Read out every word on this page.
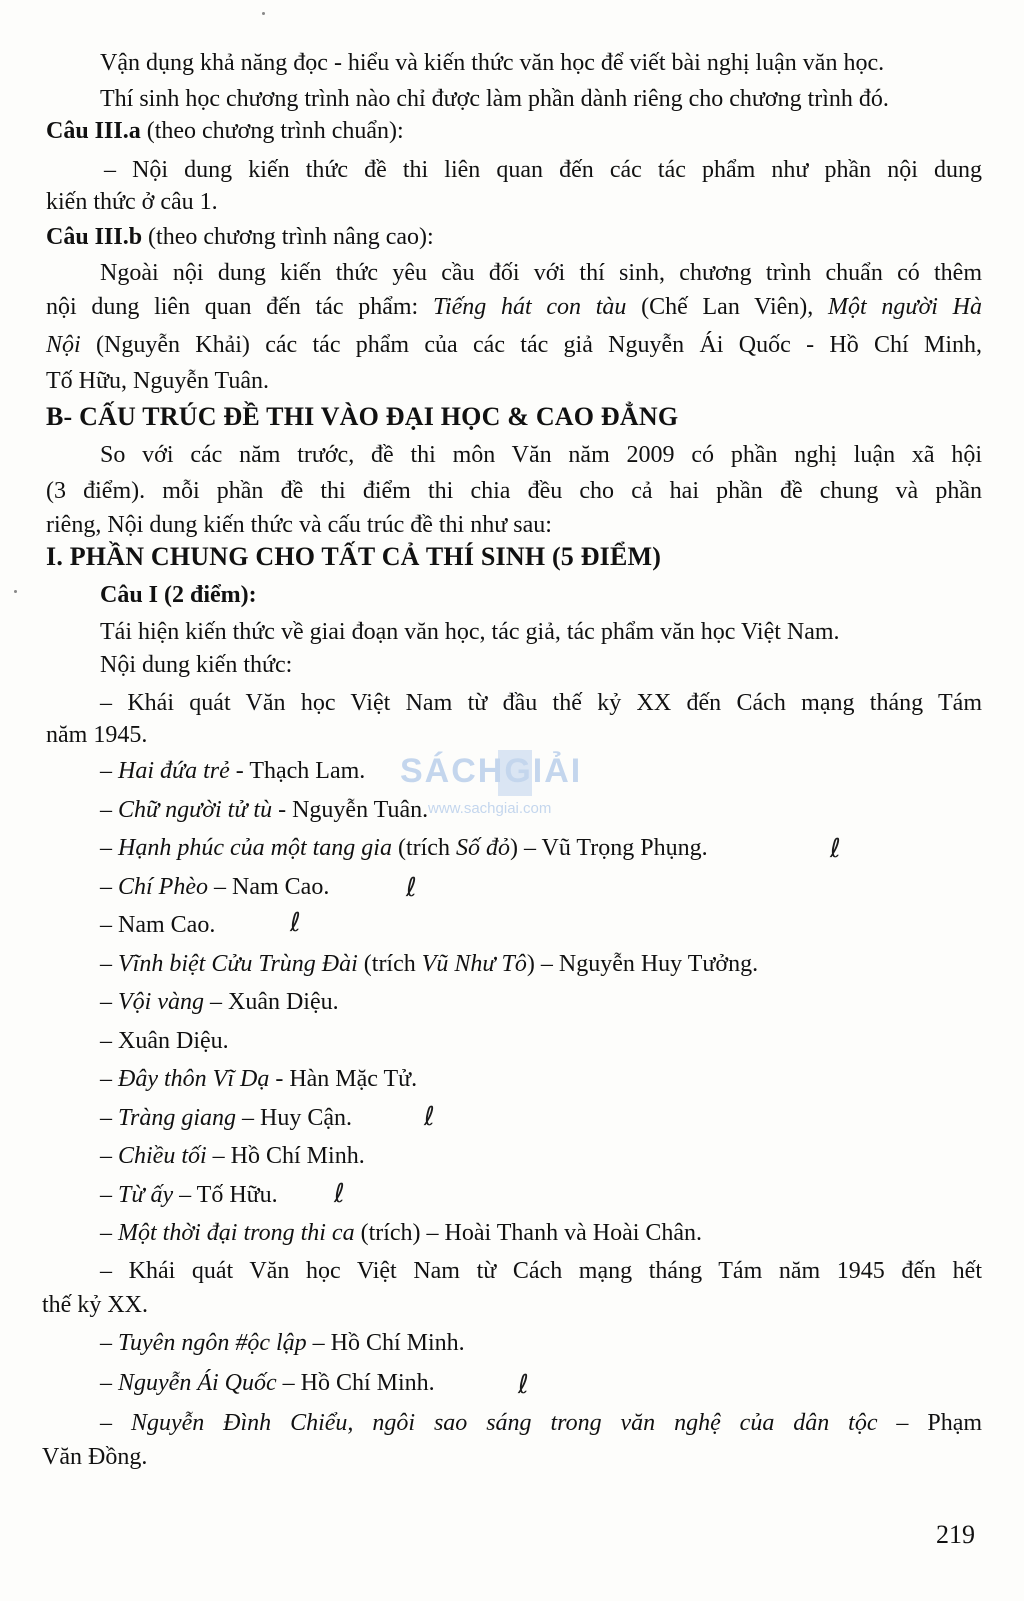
Vận dụng khả năng đọc - hiểu và kiến thức văn học để viết bài nghị luận văn học.
Thí sinh học chương trình nào chỉ được làm phần dành riêng cho chương trình đó.
Câu III.a (theo chương trình chuẩn):
– Nội dung kiến thức đề thi liên quan đến các tác phẩm như phần nội dung
kiến thức ở câu 1.
Câu III.b (theo chương trình nâng cao):
Ngoài nội dung kiến thức yêu cầu đối với thí sinh, chương trình chuẩn có thêm
nội dung liên quan đến tác phẩm: Tiếng hát con tàu (Chế Lan Viên), Một người Hà
Nội (Nguyễn Khải) các tác phẩm của các tác giả Nguyễn Ái Quốc - Hồ Chí Minh,
Tố Hữu, Nguyễn Tuân.
B- CẤU TRÚC ĐỀ THI VÀO ĐẠI HỌC & CAO ĐẲNG
So với các năm trước, đề thi môn Văn năm 2009 có phần nghị luận xã hội
(3 điểm). mỗi phần đề thi điểm thi chia đều cho cả hai phần đề chung và phần
riêng, Nội dung kiến thức và cấu trúc đề thi như sau:
I. PHẦN CHUNG CHO TẤT CẢ THÍ SINH (5 ĐIỂM)
Câu I (2 điểm):
Tái hiện kiến thức về giai đoạn văn học, tác giả, tác phẩm văn học Việt Nam.
Nội dung kiến thức:
– Khái quát Văn học Việt Nam từ đầu thế kỷ XX đến Cách mạng tháng Tám
năm 1945.
– Hai đứa trẻ - Thạch Lam.
– Chữ người tử tù - Nguyễn Tuân.
– Hạnh phúc của một tang gia (trích Số đỏ) – Vũ Trọng Phụng.
– Chí Phèo – Nam Cao.
– Nam Cao.
– Vĩnh biệt Cửu Trùng Đài (trích Vũ Như Tô) – Nguyễn Huy Tưởng.
– Vội vàng – Xuân Diệu.
– Xuân Diệu.
– Đây thôn Vĩ Dạ - Hàn Mặc Tử.
– Tràng giang – Huy Cận.
– Chiều tối – Hồ Chí Minh.
– Từ ấy – Tố Hữu.
– Một thời đại trong thi ca (trích) – Hoài Thanh và Hoài Chân.
– Khái quát Văn học Việt Nam từ Cách mạng tháng Tám năm 1945 đến hết
thế kỷ XX.
– Tuyên ngôn #ộc lập – Hồ Chí Minh.
– Nguyễn Ái Quốc – Hồ Chí Minh.
– Nguyễn Đình Chiểu, ngôi sao sáng trong văn nghệ của dân tộc – Phạm
Văn Đồng.
ℓ
ℓ
ℓ
ℓ
ℓ
ℓ
SÁCHGIẢI
www.sachgiai.com
219
